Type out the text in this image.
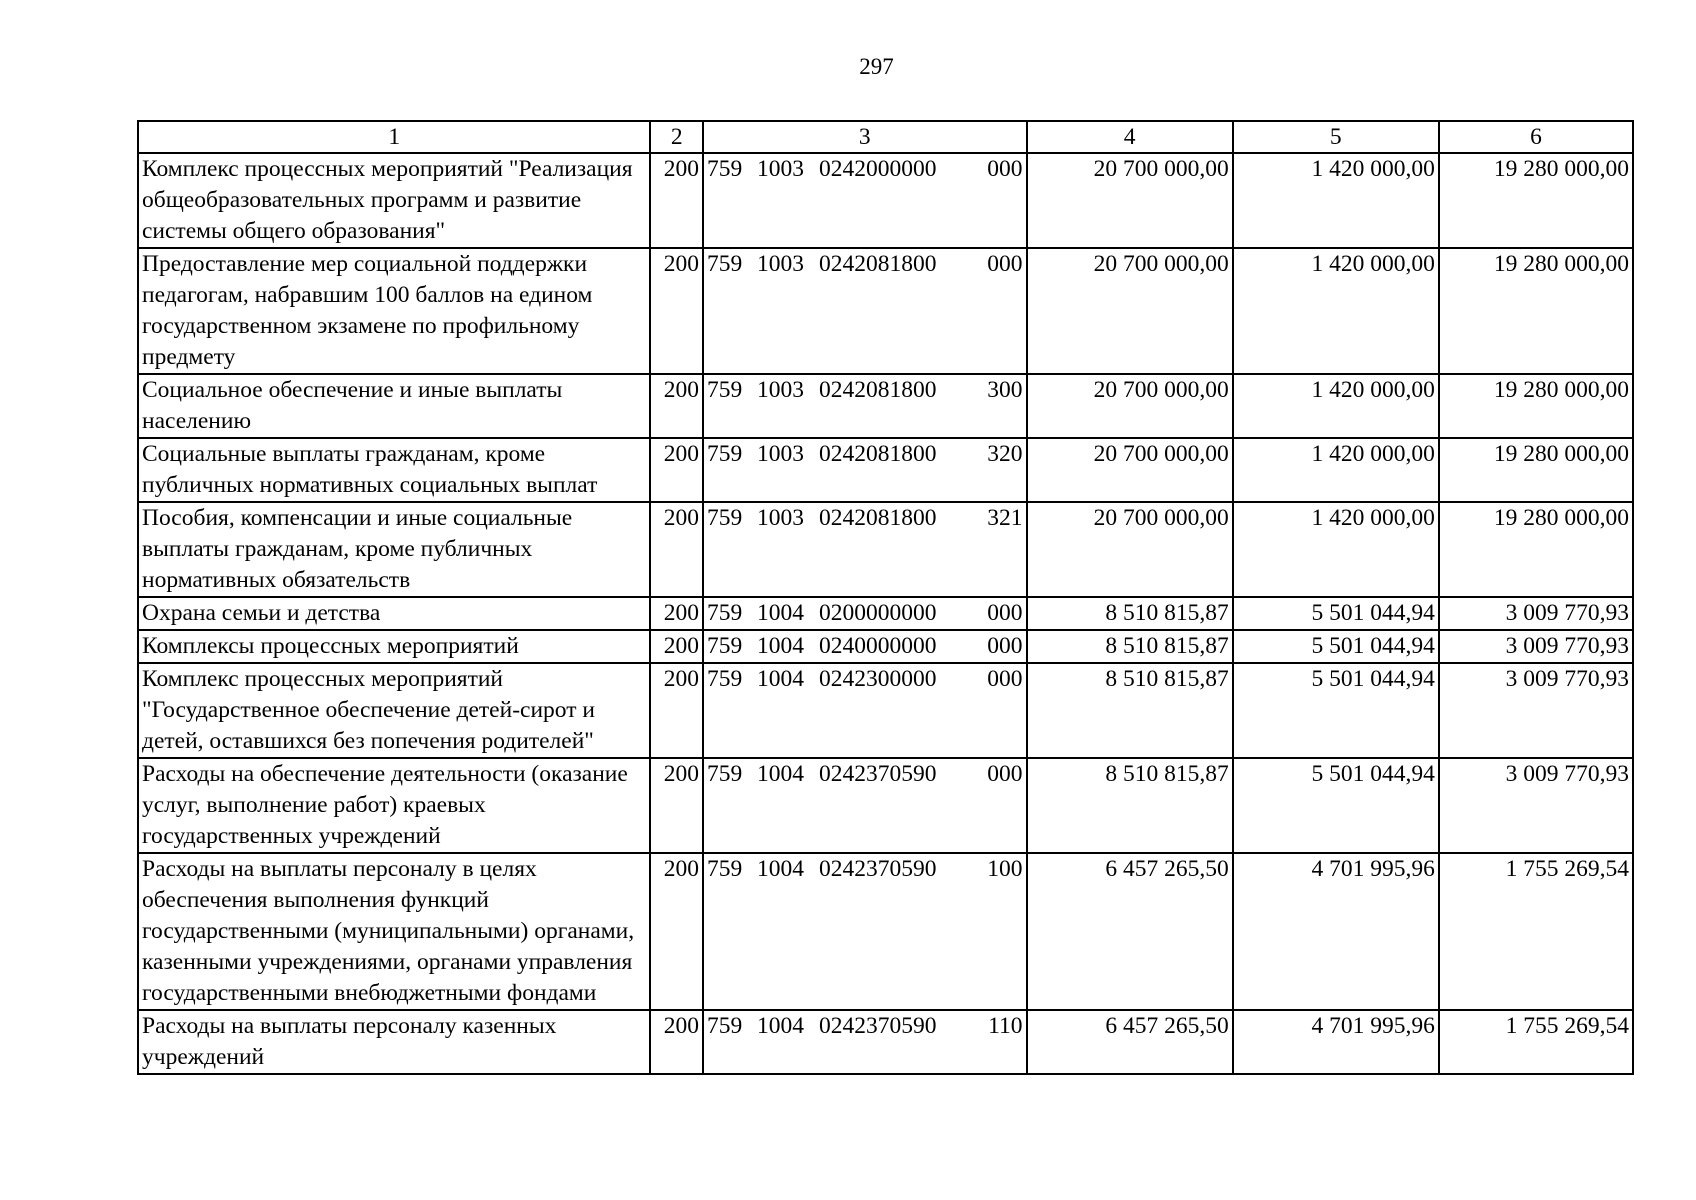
297
1	2	3	4	5	6
Комплекс процессных мероприятий "Реализация общеобразовательных программ и развитие системы общего образования"	200	759 1003 0242000000 000	20 700 000,00	1 420 000,00	19 280 000,00
Предоставление мер социальной поддержки педагогам, набравшим 100 баллов на едином государственном экзамене по профильному предмету	200	759 1003 0242081800 000	20 700 000,00	1 420 000,00	19 280 000,00
Социальное обеспечение и иные выплаты населению	200	759 1003 0242081800 300	20 700 000,00	1 420 000,00	19 280 000,00
Социальные выплаты гражданам, кроме публичных нормативных социальных выплат	200	759 1003 0242081800 320	20 700 000,00	1 420 000,00	19 280 000,00
Пособия, компенсации и иные социальные выплаты гражданам, кроме публичных нормативных обязательств	200	759 1003 0242081800 321	20 700 000,00	1 420 000,00	19 280 000,00
Охрана семьи и детства	200	759 1004 0200000000 000	8 510 815,87	5 501 044,94	3 009 770,93
Комплексы процессных мероприятий	200	759 1004 0240000000 000	8 510 815,87	5 501 044,94	3 009 770,93
Комплекс процессных мероприятий "Государственное обеспечение детей-сирот и детей, оставшихся без попечения родителей"	200	759 1004 0242300000 000	8 510 815,87	5 501 044,94	3 009 770,93
Расходы на обеспечение деятельности (оказание услуг, выполнение работ) краевых государственных учреждений	200	759 1004 0242370590 000	8 510 815,87	5 501 044,94	3 009 770,93
Расходы на выплаты персоналу в целях обеспечения выполнения функций государственными (муниципальными) органами, казенными учреждениями, органами управления государственными внебюджетными фондами	200	759 1004 0242370590 100	6 457 265,50	4 701 995,96	1 755 269,54
Расходы на выплаты персоналу казенных учреждений	200	759 1004 0242370590 110	6 457 265,50	4 701 995,96	1 755 269,54
